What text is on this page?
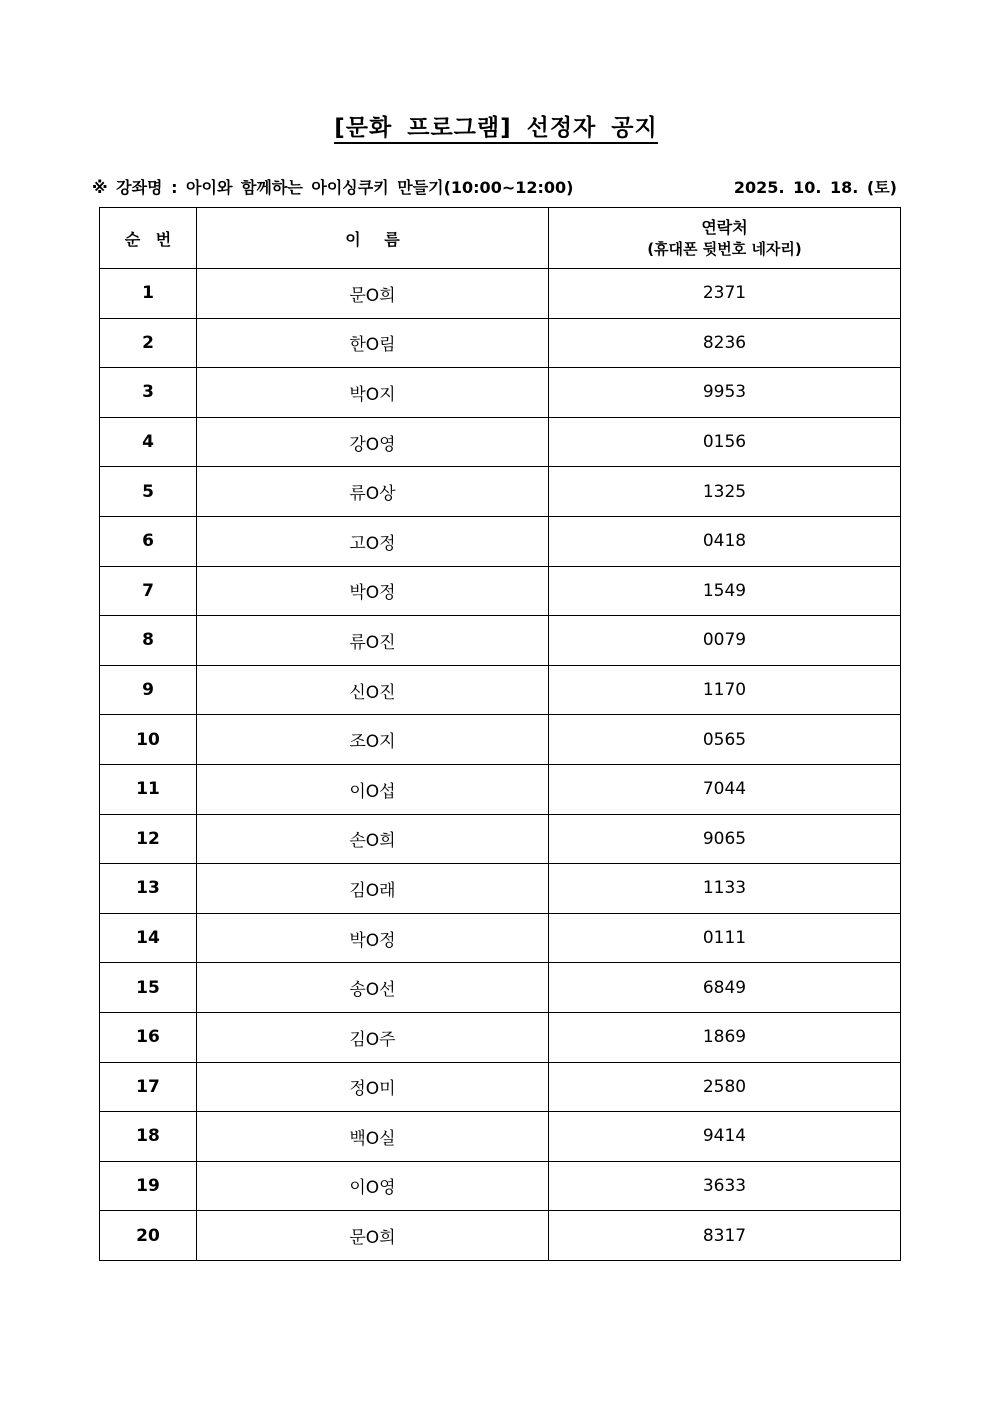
[문화 프로그램] 선정자 공지
※ 강좌명 : 아이와 함께하는 아이싱쿠키 만들기(10:00~12:00)	2025. 10. 18. (토)
순 번	이 름	연락처
(휴대폰 뒷번호 네자리)

1	문O희	2371
2	한O림	8236
3	박O지	9953
4	강O영	0156
5	류O상	1325
6	고O정	0418
7	박O정	1549
8	류O진	0079
9	신O진	1170
10	조O지	0565
11	이O섭	7044
12	손O희	9065
13	김O래	1133
14	박O정	0111
15	송O선	6849
16	김O주	1869
17	정O미	2580
18	백O실	9414
19	이O영	3633
20	문O희	8317
